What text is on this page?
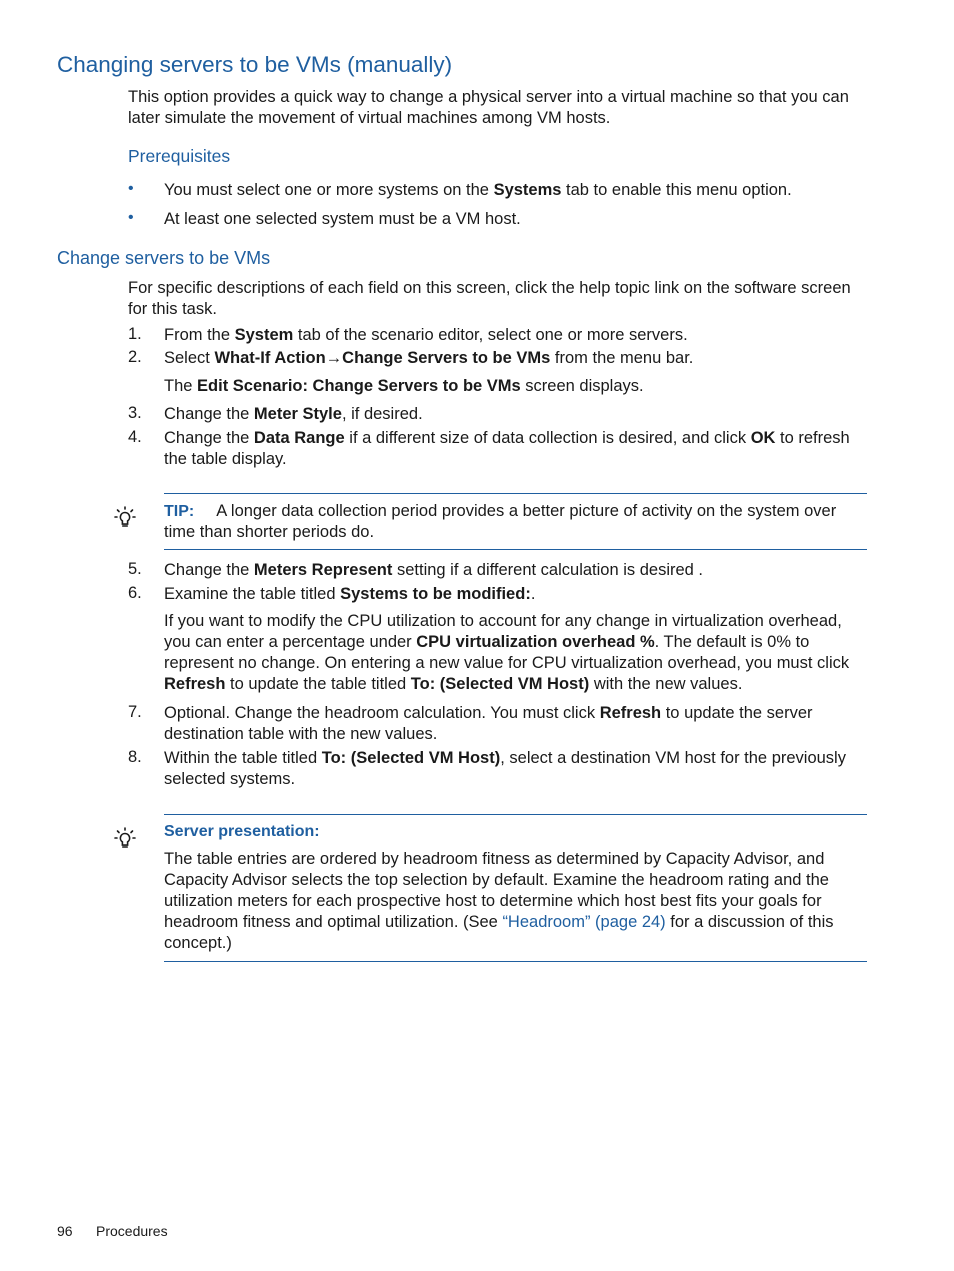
Changing servers to be VMs (manually)
This option provides a quick way to change a physical server into a virtual machine so that you can later simulate the movement of virtual machines among VM hosts.
Prerequisites
• You must select one or more systems on the Systems tab to enable this menu option.
• At least one selected system must be a VM host.
Change servers to be VMs
For specific descriptions of each field on this screen, click the help topic link on the software screen for this task.
1. From the System tab of the scenario editor, select one or more servers.
2. Select What-If Action→Change Servers to be VMs from the menu bar.
The Edit Scenario: Change Servers to be VMs screen displays.
3. Change the Meter Style, if desired.
4. Change the Data Range if a different size of data collection is desired, and click OK to refresh the table display.
TIP: A longer data collection period provides a better picture of activity on the system over time than shorter periods do.
5. Change the Meters Represent setting if a different calculation is desired .
6. Examine the table titled Systems to be modified:.
If you want to modify the CPU utilization to account for any change in virtualization overhead, you can enter a percentage under CPU virtualization overhead %. The default is 0% to represent no change. On entering a new value for CPU virtualization overhead, you must click Refresh to update the table titled To: (Selected VM Host) with the new values.
7. Optional. Change the headroom calculation. You must click Refresh to update the server destination table with the new values.
8. Within the table titled To: (Selected VM Host), select a destination VM host for the previously selected systems.
Server presentation:
The table entries are ordered by headroom fitness as determined by Capacity Advisor, and Capacity Advisor selects the top selection by default. Examine the headroom rating and the utilization meters for each prospective host to determine which host best fits your goals for headroom fitness and optimal utilization. (See “Headroom” (page 24) for a discussion of this concept.)
96 Procedures
